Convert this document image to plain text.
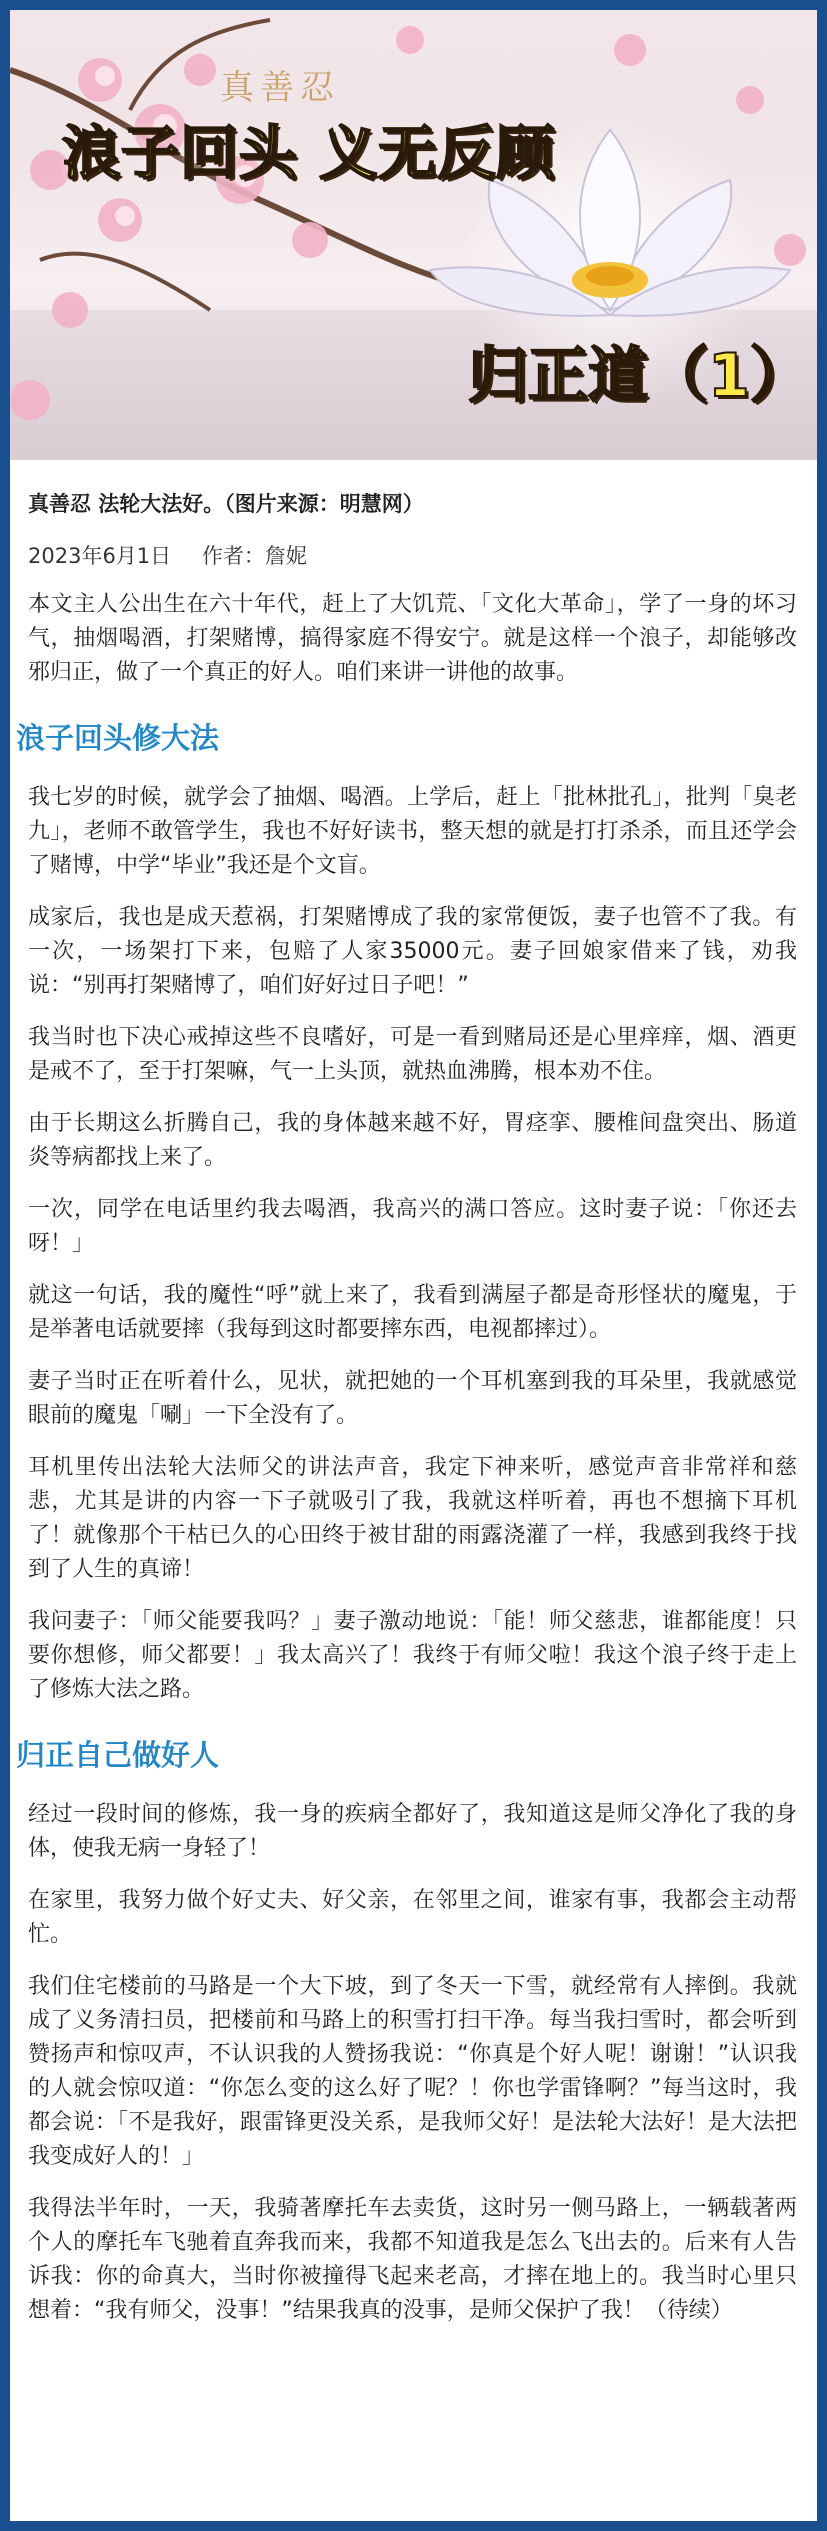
真善忍
浪子回头 义无反顾
归正道（1）
真善忍 法轮大法好。（图片来源：明慧网）
2023年6月1日 作者：詹妮

本文主人公出生在六十年代，赶上了大饥荒、「文化大革命」，学了一身的坏习气，抽烟喝酒，打架赌博，搞得家庭不得安宁。就是这样一个浪子，却能够改邪归正，做了一个真正的好人。咱们来讲一讲他的故事。

浪子回头修大法

我七岁的时候，就学会了抽烟、喝酒。上学后，赶上「批林批孔」，批判「臭老九」，老师不敢管学生，我也不好好读书，整天想的就是打打杀杀，而且还学会了赌博，中学“毕业”我还是个文盲。

成家后，我也是成天惹祸，打架赌博成了我的家常便饭，妻子也管不了我。有一次，一场架打下来，包赔了人家35000元。妻子回娘家借来了钱，劝我说：“别再打架赌博了，咱们好好过日子吧！”

我当时也下决心戒掉这些不良嗜好，可是一看到赌局还是心里痒痒，烟、酒更是戒不了，至于打架嘛，气一上头顶，就热血沸腾，根本劝不住。

由于长期这么折腾自己，我的身体越来越不好，胃痉挛、腰椎间盘突出、肠道炎等病都找上来了。

一次，同学在电话里约我去喝酒，我高兴的满口答应。这时妻子说：「你还去呀！」

就这一句话，我的魔性“呼”就上来了，我看到满屋子都是奇形怪状的魔鬼，于是举著电话就要摔（我每到这时都要摔东西，电视都摔过）。

妻子当时正在听着什么，见状，就把她的一个耳机塞到我的耳朵里，我就感觉眼前的魔鬼「唰」一下全没有了。

耳机里传出法轮大法师父的讲法声音，我定下神来听，感觉声音非常祥和慈悲，尤其是讲的内容一下子就吸引了我，我就这样听着，再也不想摘下耳机了！就像那个干枯已久的心田终于被甘甜的雨露浇灌了一样，我感到我终于找到了人生的真谛！

我问妻子：「师父能要我吗？」妻子激动地说：「能！师父慈悲，谁都能度！只要你想修，师父都要！」我太高兴了！我终于有师父啦！我这个浪子终于走上了修炼大法之路。

归正自己做好人

经过一段时间的修炼，我一身的疾病全都好了，我知道这是师父净化了我的身体，使我无病一身轻了！

在家里，我努力做个好丈夫、好父亲，在邻里之间，谁家有事，我都会主动帮忙。

我们住宅楼前的马路是一个大下坡，到了冬天一下雪，就经常有人摔倒。我就成了义务清扫员，把楼前和马路上的积雪打扫干净。每当我扫雪时，都会听到赞扬声和惊叹声，不认识我的人赞扬我说：“你真是个好人呢！谢谢！”认识我的人就会惊叹道：“你怎么变的这么好了呢？！你也学雷锋啊？”每当这时，我都会说：「不是我好，跟雷锋更没关系，是我师父好！是法轮大法好！是大法把我变成好人的！」

我得法半年时，一天，我骑著摩托车去卖货，这时另一侧马路上，一辆载著两个人的摩托车飞驰着直奔我而来，我都不知道我是怎么飞出去的。后来有人告诉我：你的命真大，当时你被撞得飞起来老高，才摔在地上的。我当时心里只想着：“我有师父，没事！”结果我真的没事，是师父保护了我！（待续）
